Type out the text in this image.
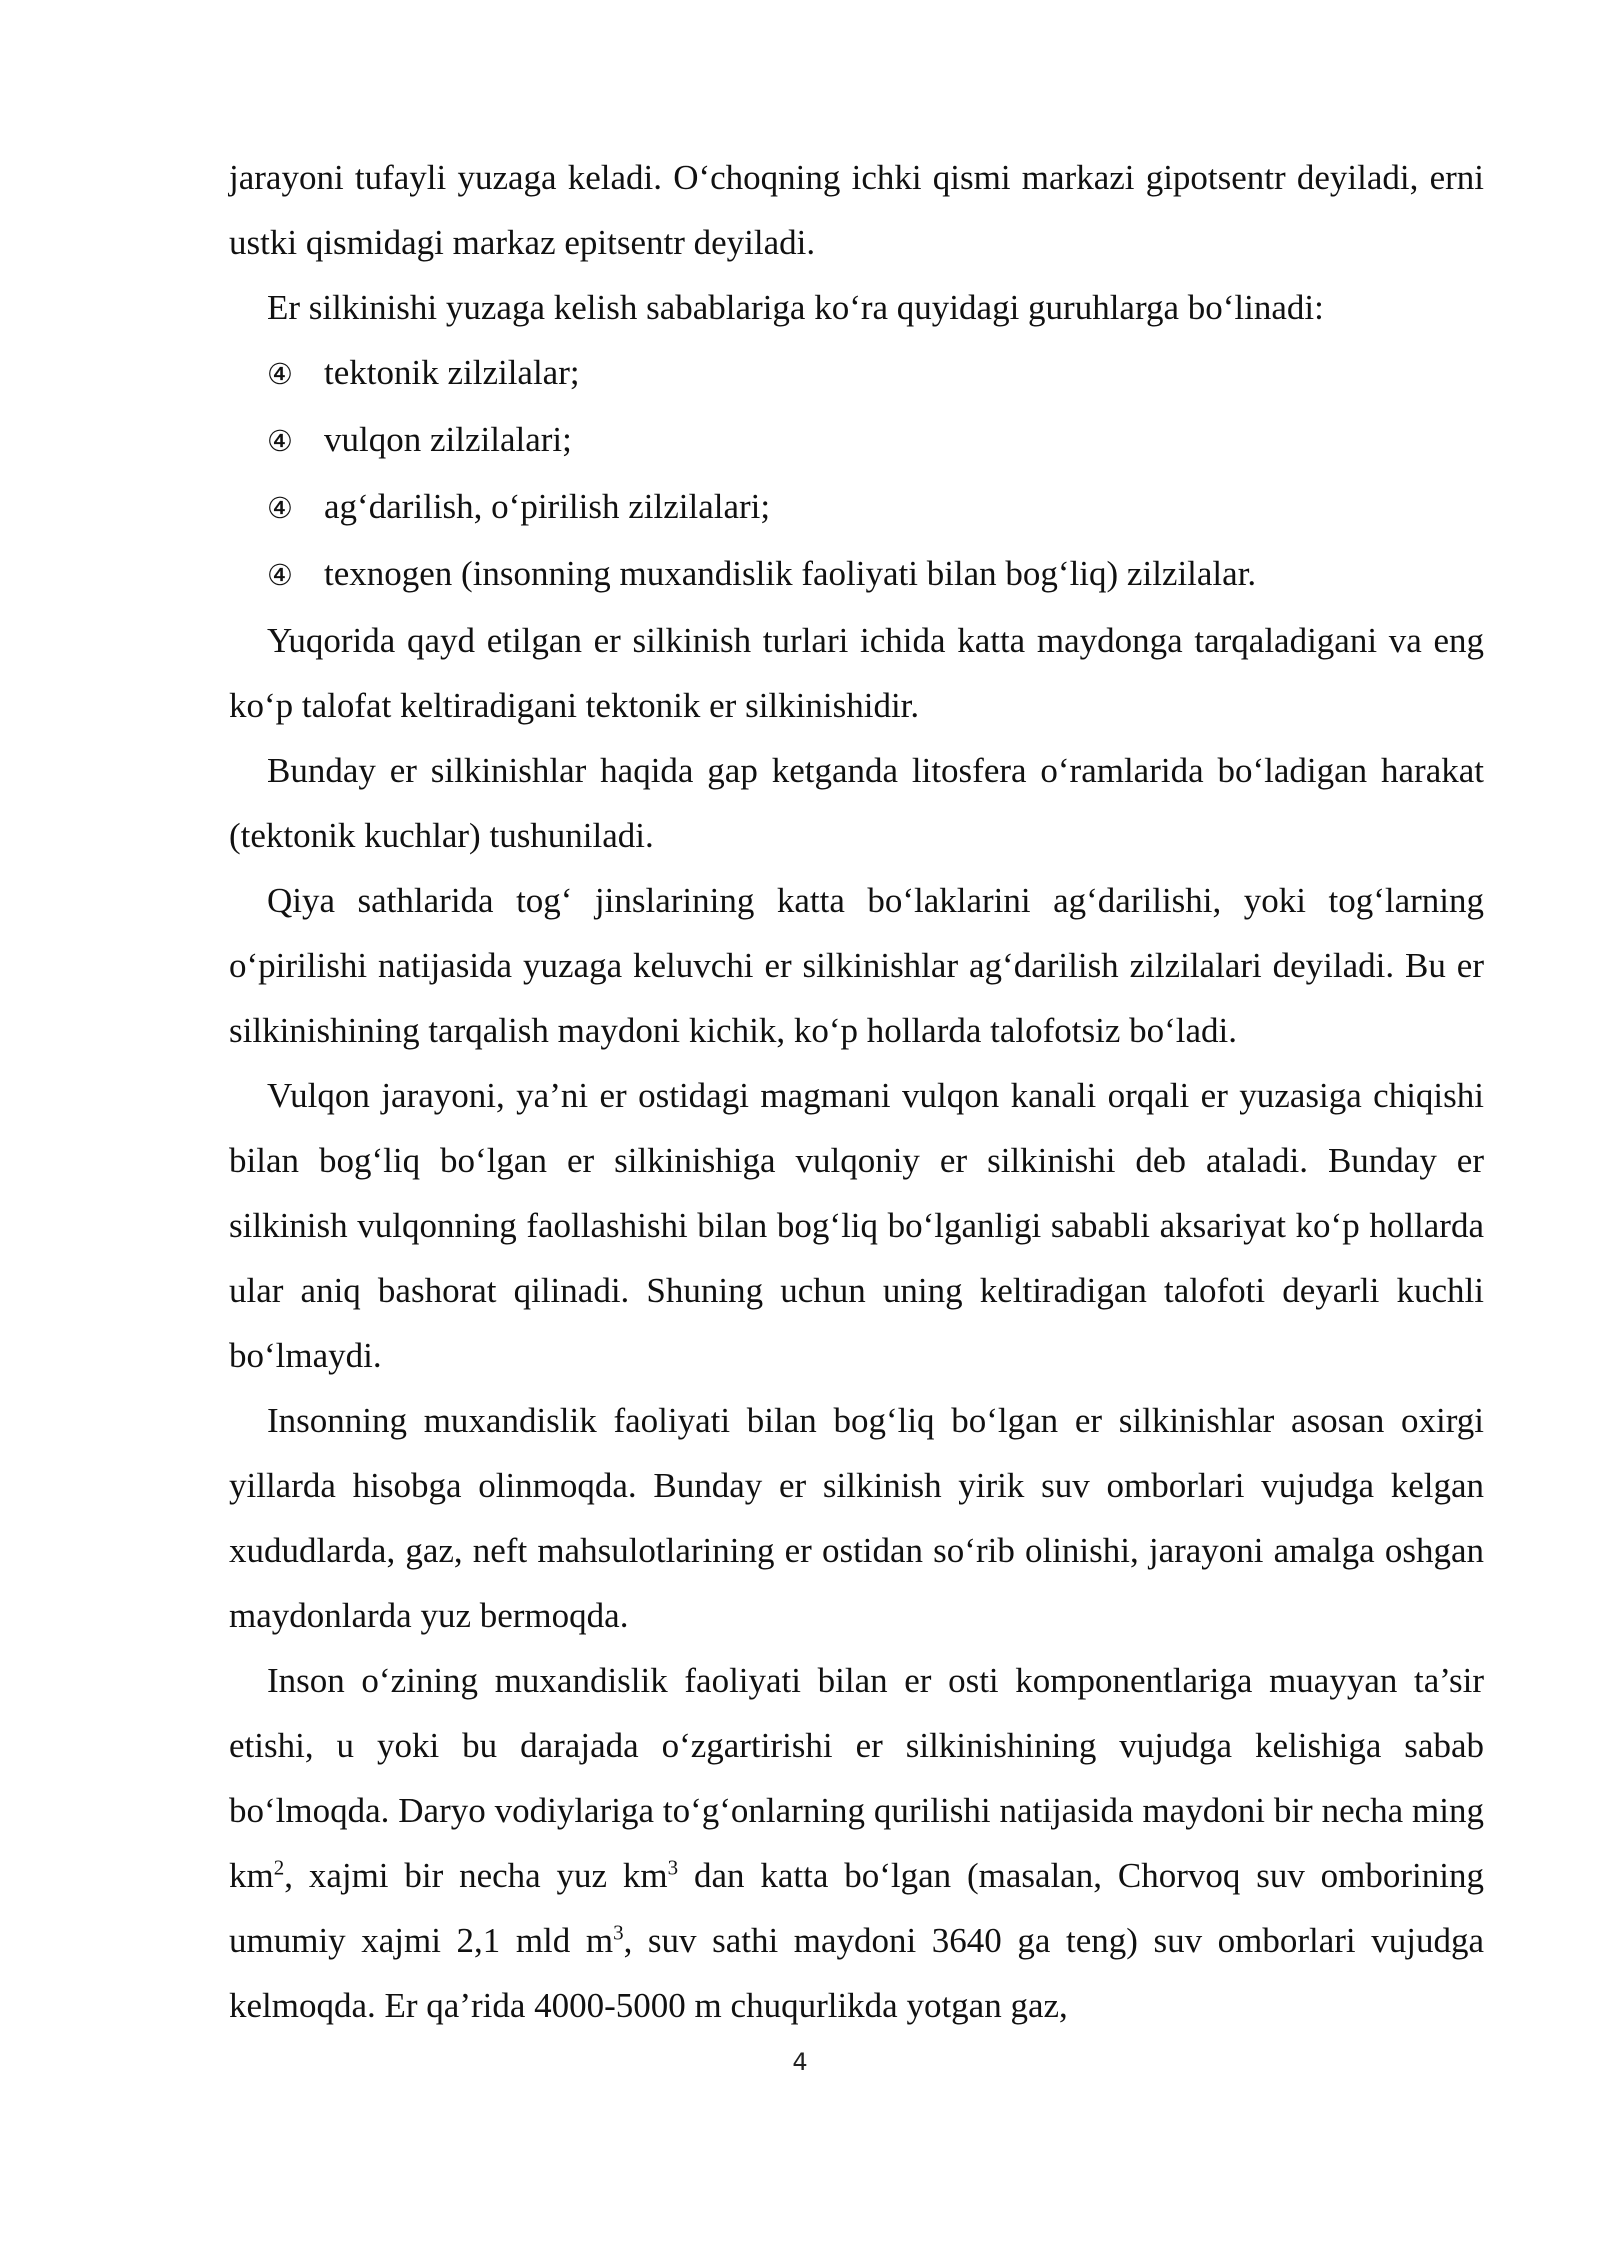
jarayoni tufayli yuzaga keladi. O‘choqning ichki qismi markazi gipotsentr deyiladi, erni ustki qismidagi markaz epitsentr deyiladi.

Er silkinishi yuzaga kelish sabablariga ko‘ra quyidagi guruhlarga bo‘linadi:

④ tektonik zilzilalar;
④ vulqon zilzilalari;
④ ag‘darilish, o‘pirilish zilzilalari;
④ texnogen (insonning muxandislik faoliyati bilan bog‘liq) zilzilalar.

Yuqorida qayd etilgan er silkinish turlari ichida katta maydonga tarqaladigani va eng ko‘p talofat keltiradigani tektonik er silkinishidir.

Bunday er silkinishlar haqida gap ketganda litosfera o‘ramlarida bo‘ladigan harakat (tektonik kuchlar) tushuniladi.

Qiya sathlarida tog‘ jinslarining katta bo‘laklarini ag‘darilishi, yoki tog‘larning o‘pirilishi natijasida yuzaga keluvchi er silkinishlar ag‘darilish zilzilalari deyiladi. Bu er silkinishining tarqalish maydoni kichik, ko‘p hollarda talofotsiz bo‘ladi.

Vulqon jarayoni, ya’ni er ostidagi magmani vulqon kanali orqali er yuzasiga chiqishi bilan bog‘liq bo‘lgan er silkinishiga vulqoniy er silkinishi deb ataladi. Bunday er silkinish vulqonning faollashishi bilan bog‘liq bo‘lganligi sababli aksariyat ko‘p hollarda ular aniq bashorat qilinadi. Shuning uchun uning keltiradigan talofoti deyarli kuchli bo‘lmaydi.

Insonning muxandislik faoliyati bilan bog‘liq bo‘lgan er silkinishlar asosan oxirgi yillarda hisobga olinmoqda. Bunday er silkinish yirik suv omborlari vujudga kelgan xududlarda, gaz, neft mahsulotlarining er ostidan so‘rib olinishi, jarayoni amalga oshgan maydonlarda yuz bermoqda.

Inson o‘zining muxandislik faoliyati bilan er osti komponentlariga muayyan ta’sir etishi, u yoki bu darajada o‘zgartirishi er silkinishining vujudga kelishiga sabab bo‘lmoqda. Daryo vodiylariga to‘g‘onlarning qurilishi natijasida maydoni bir necha ming $km^2$, xajmi bir necha yuz $km^3$ dan katta bo‘lgan (masalan, Chorvoq suv omborining umumiy xajmi 2,1 mld $m^3$, suv sathi maydoni 3640 ga teng) suv omborlari vujudga kelmoqda. Er qa’rida 4000-5000 m chuqurlikda yotgan gaz,

4
